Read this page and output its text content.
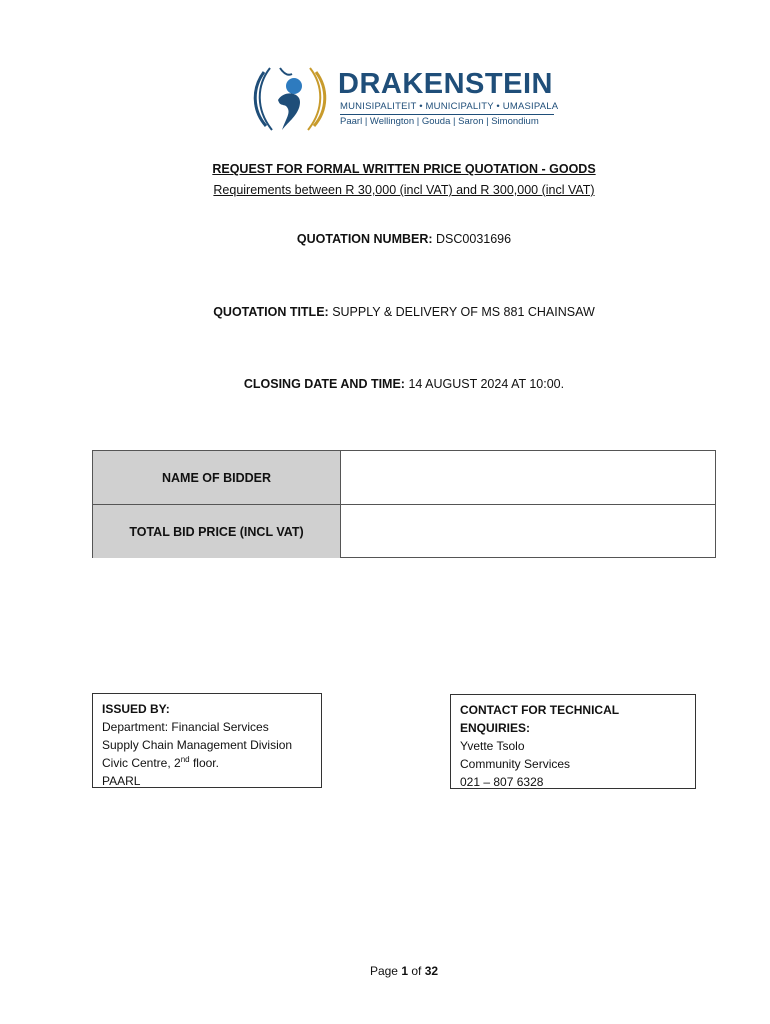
DRAKENSTEIN
MUNISIPALITEIT • MUNICIPALITY • UMASIPALA
Paarl | Wellington | Gouda | Saron | Simondium
REQUEST FOR FORMAL WRITTEN PRICE QUOTATION - GOODS
Requirements between R 30,000 (incl VAT) and R 300,000 (incl VAT)
QUOTATION NUMBER: DSC0031696
QUOTATION TITLE: SUPPLY & DELIVERY OF MS 881 CHAINSAW
CLOSING DATE AND TIME: 14 AUGUST 2024 AT 10:00.
NAME OF BIDDER
TOTAL BID PRICE (INCL VAT)
ISSUED BY:
Department: Financial Services
Supply Chain Management Division
Civic Centre, 2nd floor.
PAARL
CONTACT FOR TECHNICAL ENQUIRIES:
Yvette Tsolo
Community Services
021 – 807 6328
Page 1 of 32
